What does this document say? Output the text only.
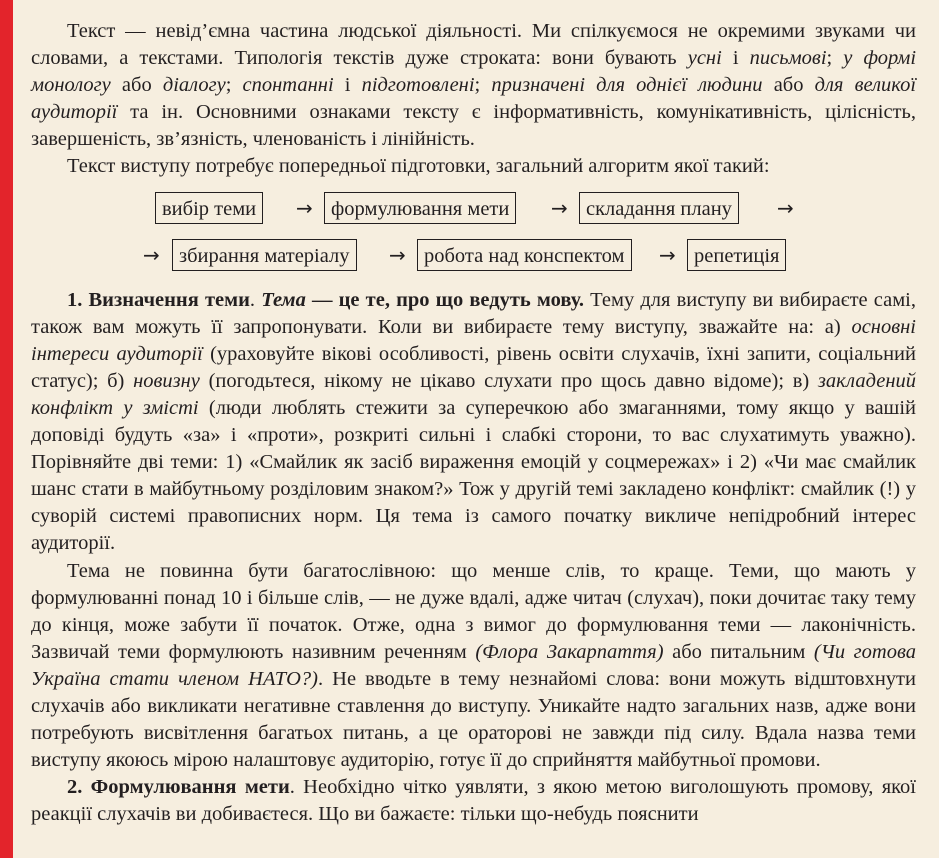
Текст — невід’ємна частина людської діяльності. Ми спілкуємося не окремими звуками чи словами, а текстами. Типологія текстів дуже строката: вони бувають усні і письмові; у формі монологу або діалогу; спонтанні і підготовлені; призначені для однієї людини або для великої аудиторії та ін. Основними ознаками тексту є інформативність, комунікативність, цілісність, завершеність, зв’язність, членованість і лінійність.

Текст виступу потребує попередньої підготовки, загальний алгоритм якої такий:

вибір теми	→ формулювання мети	→ складання плану	→
→ збирання матеріалу	→ робота над конспектом	→ репетиція

1. Визначення теми. Тема — це те, про що ведуть мову. Тему для виступу ви вибираєте самі, також вам можуть її запропонувати. Коли ви вибираєте тему виступу, зважайте на: а) основні інтереси аудиторії (ураховуйте вікові особливості, рівень освіти слухачів, їхні запити, соціальний статус); б) новизну (погодьтеся, нікому не цікаво слухати про щось давно відоме); в) закладений конфлікт у змісті (люди люблять стежити за суперечкою або змаганнями, тому якщо у вашій доповіді будуть «за» і «проти», розкриті сильні і слабкі сторони, то вас слухатимуть уважно). Порівняйте дві теми: 1) «Смайлик як засіб вираження емоцій у соцмережах» і 2) «Чи має смайлик шанс стати в майбутньому розділовим знаком?» Тож у другій темі закладено конфлікт: смайлик (!) у суворій системі правописних норм. Ця тема із самого початку викличе непідробний інтерес аудиторії.

Тема не повинна бути багатослівною: що менше слів, то краще. Теми, що мають у формулюванні понад 10 і більше слів, — не дуже вдалі, адже читач (слухач), поки дочитає таку тему до кінця, може забути її початок. Отже, одна з вимог до формулювання теми — лаконічність. Зазвичай теми формулюють називним реченням (Флора Закарпаття) або питальним (Чи готова Україна стати членом НАТО?). Не вводьте в тему незнайомі слова: вони можуть відштовхнути слухачів або викликати негативне ставлення до виступу. Уникайте надто загальних назв, адже вони потребують висвітлення багатьох питань, а це ораторові не завжди під силу. Вдала назва теми виступу якоюсь мірою налаштовує аудиторію, готує її до сприйняття майбутньої промови.

2. Формулювання мети. Необхідно чітко уявляти, з якою метою виголошують промову, якої реакції слухачів ви добиваєтеся. Що ви бажаєте: тільки що-небудь пояснити
